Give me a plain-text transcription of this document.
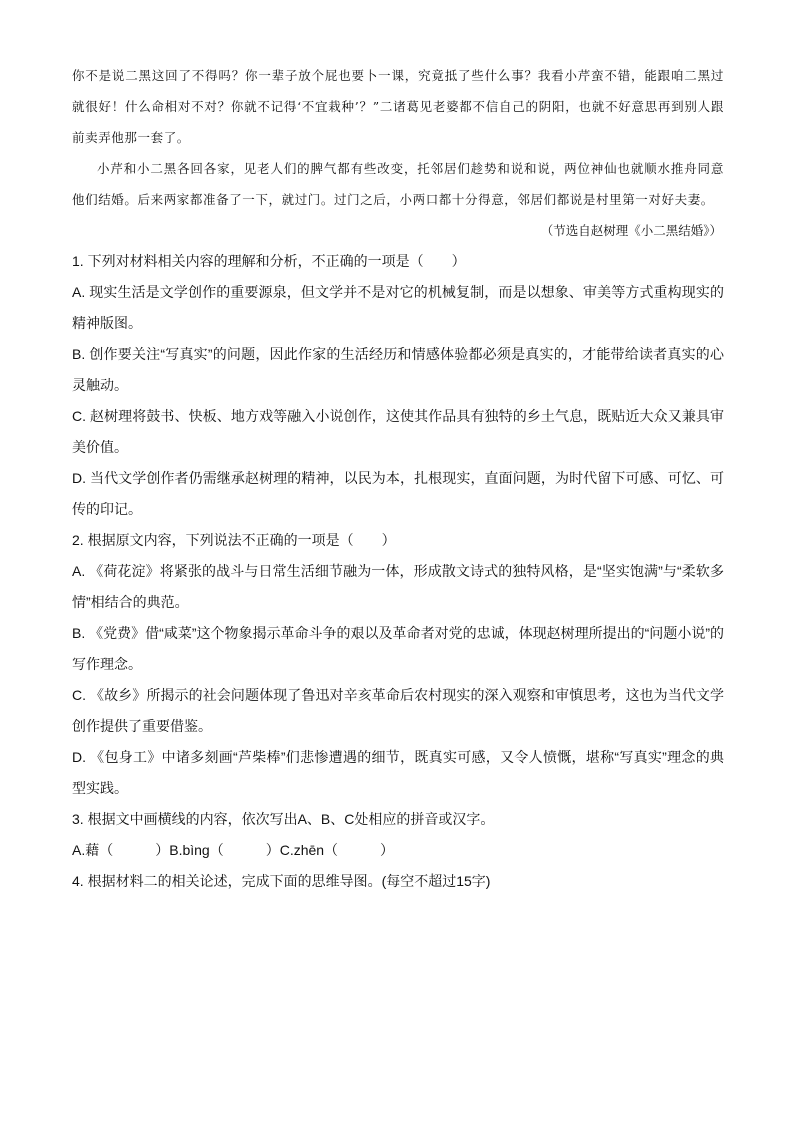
你不是说二黑这回了不得吗？你一辈子放个屁也要卜一课，究竟抵了些什么事？我看小芹蛮不错，能跟咱二黑过就很好！什么命相对不对？你就不记得‘不宜栽种’？”二诸葛见老婆都不信自己的阴阳，也就不好意思再到别人跟前卖弄他那一套了。

小芹和小二黑各回各家，见老人们的脾气都有些改变，托邻居们趁势和说和说，两位神仙也就顺水推舟同意他们结婚。后来两家都准备了一下，就过门。过门之后，小两口都十分得意，邻居们都说是村里第一对好夫妻。

（节选自赵树理《小二黑结婚》）

1. 下列对材料相关内容的理解和分析，不正确的一项是（　　）

A. 现实生活是文学创作的重要源泉，但文学并不是对它的机械复制，而是以想象、审美等方式重构现实的精神版图。

B. 创作要关注“写真实”的问题，因此作家的生活经历和情感体验都必须是真实的，才能带给读者真实的心灵触动。

C. 赵树理将鼓书、快板、地方戏等融入小说创作，这使其作品具有独特的乡土气息，既贴近大众又兼具审美价值。

D. 当代文学创作者仍需继承赵树理的精神，以民为本，扎根现实，直面问题，为时代留下可感、可忆、可传的印记。

2. 根据原文内容，下列说法不正确的一项是（　　）

A. 《荷花淀》将紧张的战斗与日常生活细节融为一体，形成散文诗式的独特风格，是“坚实饱满”与“柔软多情”相结合的典范。

B. 《党费》借“咸菜”这个物象揭示革命斗争的艰以及革命者对党的忠诚，体现赵树理所提出的“问题小说”的写作理念。

C. 《故乡》所揭示的社会问题体现了鲁迅对辛亥革命后农村现实的深入观察和审慎思考，这也为当代文学创作提供了重要借鉴。

D. 《包身工》中诸多刻画“芦柴棒”们悲惨遭遇的细节，既真实可感，又令人愤慨，堪称“写真实”理念的典型实践。

3. 根据文中画横线的内容，依次写出A、B、C处相应的拼音或汉字。

A.藉（　　　）B.bìng（　　　）C.zhēn（　　　）

4. 根据材料二的相关论述，完成下面的思维导图。(每空不超过15字)
